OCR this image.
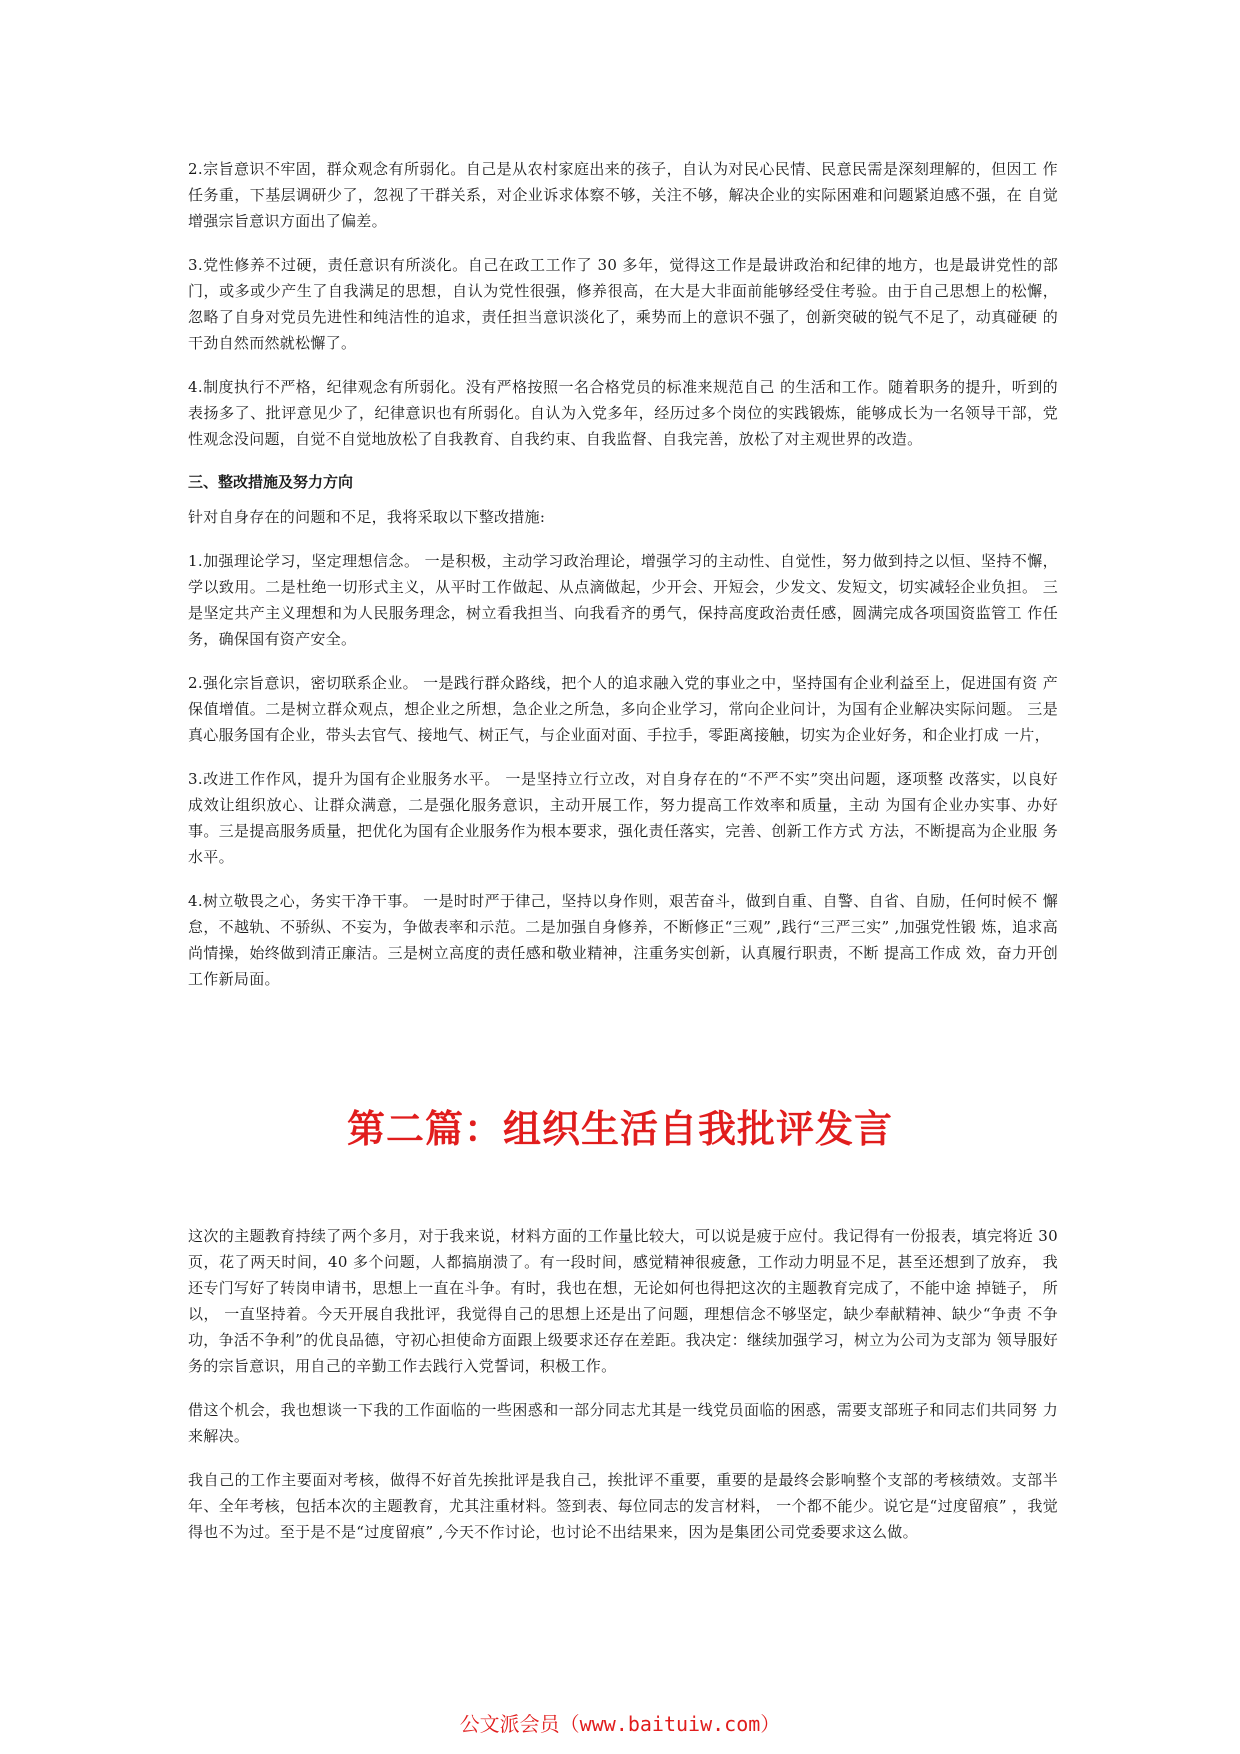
2.宗旨意识不牢固，群众观念有所弱化。自己是从农村家庭出来的孩子，自认为对民心民情、民意民需是深刻理解的，但因工 作任务重，下基层调研少了，忽视了干群关系，对企业诉求体察不够，关注不够，解决企业的实际困难和问题紧迫感不强，在 自觉增强宗旨意识方面出了偏差。

3.党性修养不过硬，责任意识有所淡化。自己在政工工作了 30 多年，觉得这工作是最讲政治和纪律的地方，也是最讲党性的部 门，或多或少产生了自我满足的思想，自认为党性很强，修养很高，在大是大非面前能够经受住考验。由于自己思想上的松懈， 忽略了自身对党员先进性和纯洁性的追求，责任担当意识淡化了，乘势而上的意识不强了，创新突破的锐气不足了，动真碰硬 的干劲自然而然就松懈了。

4.制度执行不严格，纪律观念有所弱化。没有严格按照一名合格党员的标准来规范自己 的生活和工作。随着职务的提升，听到的表扬多了、批评意见少了，纪律意识也有所弱化。自认为入党多年，经历过多个岗位的实践锻炼，能够成长为一名领导干部，党性观念没问题，自觉不自觉地放松了自我教育、自我约束、自我监督、自我完善，放松了对主观世界的改造。

三、整改措施及努力方向

针对自身存在的问题和不足，我将采取以下整改措施:

1.加强理论学习，坚定理想信念。 一是积极，主动学习政治理论，增强学习的主动性、自觉性，努力做到持之以恒、坚持不懈， 学以致用。二是杜绝一切形式主义，从平时工作做起、从点滴做起，少开会、开短会，少发文、发短文，切实减轻企业负担。 三是坚定共产主义理想和为人民服务理念，树立看我担当、向我看齐的勇气，保持高度政治责任感，圆满完成各项国资监管工 作任务，确保国有资产安全。

2.强化宗旨意识，密切联系企业。 一是践行群众路线，把个人的追求融入党的事业之中，坚持国有企业利益至上，促进国有资 产保值增值。二是树立群众观点，想企业之所想，急企业之所急，多向企业学习，常向企业问计，为国有企业解决实际问题。 三是真心服务国有企业，带头去官气、接地气、树正气，与企业面对面、手拉手，零距离接触，切实为企业好务，和企业打成 一片，

3.改进工作作风，提升为国有企业服务水平。 一是坚持立行立改，对自身存在的“不严不实”突出问题，逐项整 改落实，以良好 成效让组织放心、让群众满意，二是强化服务意识，主动开展工作，努力提高工作效率和质量，主动 为国有企业办实事、办好 事。三是提高服务质量，把优化为国有企业服务作为根本要求，强化责任落实，完善、创新工作方式 方法，不断提高为企业服 务水平。

4.树立敬畏之心，务实干净干事。 一是时时严于律己，坚持以身作则，艰苦奋斗，做到自重、自警、自省、自励，任何时候不 懈怠，不越轨、不骄纵、不妄为，争做表率和示范。二是加强自身修养，不断修正“三观” ,践行“三严三实” ,加强党性锻 炼，追求高尚情操，始终做到清正廉洁。三是树立高度的责任感和敬业精神，注重务实创新，认真履行职责，不断 提高工作成 效，奋力开创工作新局面。

第二篇：组织生活自我批评发言

这次的主题教育持续了两个多月，对于我来说，材料方面的工作量比较大，可以说是疲于应付。我记得有一份报表，填完将近 30 页，花了两天时间，40 多个问题，人都搞崩溃了。有一段时间，感觉精神很疲惫，工作动力明显不足，甚至还想到了放弃， 我还专门写好了转岗申请书，思想上一直在斗争。有时，我也在想，无论如何也得把这次的主题教育完成了，不能中途 掉链子， 所以， 一直坚持着。今天开展自我批评，我觉得自己的思想上还是出了问题，理想信念不够坚定，缺少奉献精神、缺少“争责 不争功，争活不争利”的优良品德，守初心担使命方面跟上级要求还存在差距。我决定：继续加强学习，树立为公司为支部为 领导服好务的宗旨意识，用自己的辛勤工作去践行入党誓词，积极工作。

借这个机会，我也想谈一下我的工作面临的一些困惑和一部分同志尤其是一线党员面临的困惑，需要支部班子和同志们共同努 力来解决。

我自己的工作主要面对考核，做得不好首先挨批评是我自己，挨批评不重要，重要的是最终会影响整个支部的考核绩效。支部半年、全年考核，包括本次的主题教育，尤其注重材料。签到表、每位同志的发言材料， 一个都不能少。说它是“过度留痕” ，我觉得也不为过。至于是不是“过度留痕” ,今天不作讨论，也讨论不出结果来，因为是集团公司党委要求这么做。

公文派会员（www.baituiw.com）
